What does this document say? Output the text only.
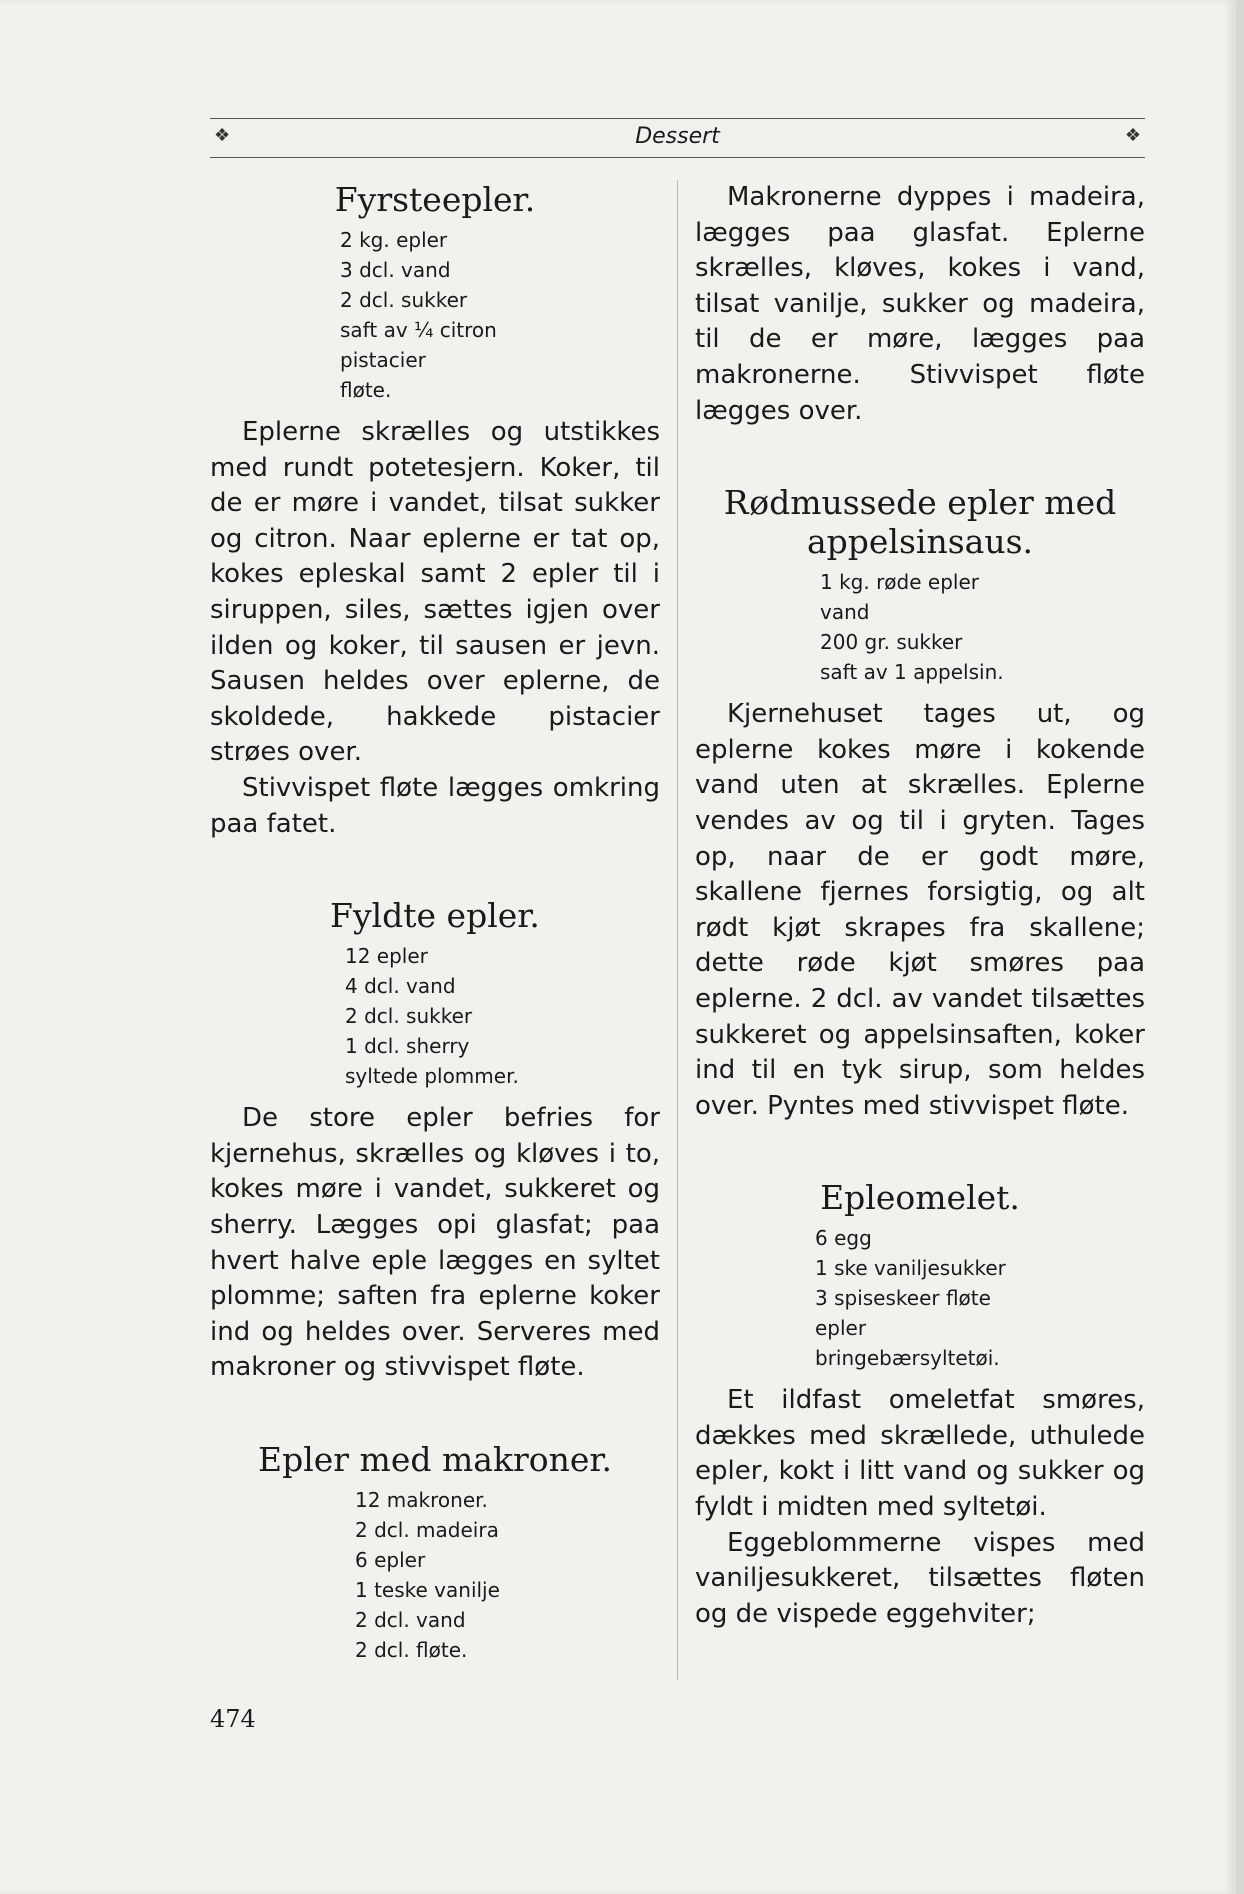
❖	Dessert	❖
Fyrsteepler.
2 kg. epler
3 dcl. vand
2 dcl. sukker
saft av ¼ citron
pistacier
fløte.

Eplerne skrælles og utstikkes med rundt potetesjern. Koker, til de er møre i vandet, tilsat sukker og citron. Naar eplerne er tat op, kokes epleskal samt 2 epler til i siruppen, siles, sættes igjen over ilden og koker, til sausen er jevn. Sausen heldes over eplerne, de skoldede, hakkede pistacier strøes over.

Stivvispet fløte lægges omkring paa fatet.

Fyldte epler.
12 epler
4 dcl. vand
2 dcl. sukker
1 dcl. sherry
syltede plommer.

De store epler befries for kjernehus, skrælles og kløves i to, kokes møre i vandet, sukkeret og sherry. Lægges opi glasfat; paa hvert halve eple lægges en syltet plomme; saften fra eplerne koker ind og heldes over. Serveres med makroner og stivvispet fløte.

Epler med makroner.
12 makroner.
2 dcl. madeira
6 epler
1 teske vanilje
2 dcl. vand
2 dcl. fløte.
474

Makronerne dyppes i madeira, lægges paa glasfat. Eplerne skrælles, kløves, kokes i vand, tilsat vanilje, sukker og madeira, til de er møre, lægges paa makronerne. Stivvispet fløte lægges over.

Rødmussede epler med appelsinsaus.
1 kg. røde epler
vand
200 gr. sukker
saft av 1 appelsin.

Kjernehuset tages ut, og eplerne kokes møre i kokende vand uten at skrælles. Eplerne vendes av og til i gryten. Tages op, naar de er godt møre, skallene fjernes forsigtig, og alt rødt kjøt skrapes fra skallene; dette røde kjøt smøres paa eplerne. 2 dcl. av vandet tilsættes sukkeret og appelsinsaften, koker ind til en tyk sirup, som heldes over. Pyntes med stivvispet fløte.

Epleomelet.
6 egg
1 ske vaniljesukker
3 spiseskeer fløte
epler
bringebærsyltetøi.

Et ildfast omeletfat smøres, dækkes med skrællede, uthulede epler, kokt i litt vand og sukker og fyldt i midten med syltetøi.

Eggeblommerne vispes med vaniljesukkeret, tilsættes fløten og de vispede eggehviter;
